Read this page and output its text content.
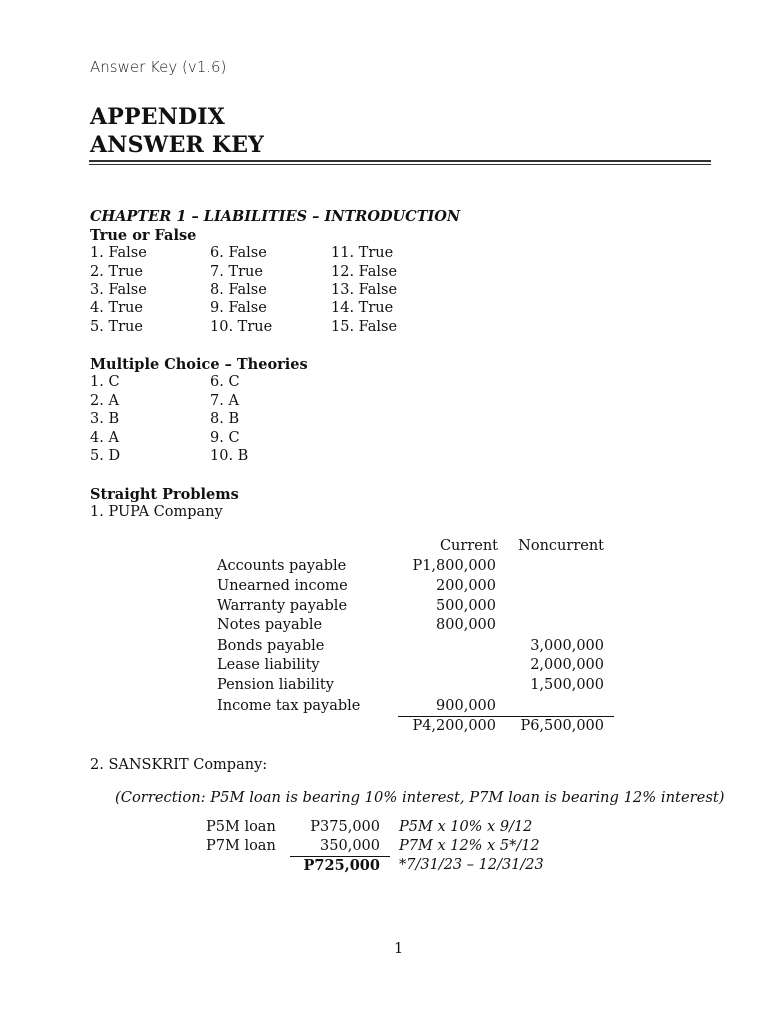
Answer Key (v1.6)
APPENDIX
ANSWER KEY
CHAPTER 1 – LIABILITIES – INTRODUCTION
True or False
1. False
2. True
3. False
4. True
5. True
6. False
7. True
8. False
9. False
10. True
11. True
12. False
13. False
14. True
15. False
Multiple Choice – Theories
1. C
2. A
3. B
4. A
5. D
6. C
7. A
8. B
9. C
10. B
Straight Problems
1. PUPA Company
Current Noncurrent
Accounts payable
Unearned income
Warranty payable
Notes payable
Bonds payable
Lease liability
Pension liability
Income tax payable
P1,800,000
200,000
500,000
800,000
900,000
3,000,000
2,000,000
1,500,000
P4,200,000 P6,500,000
2. SANSKRIT Company:
(Correction: P5M loan is bearing 10% interest, P7M loan is bearing 12% interest)
P5M loan
P7M loan
P375,000
350,000
P5M x 10% x 9/12
P7M x 12% x 5*/12
P725,000 *7/31/23 – 12/31/23
1
